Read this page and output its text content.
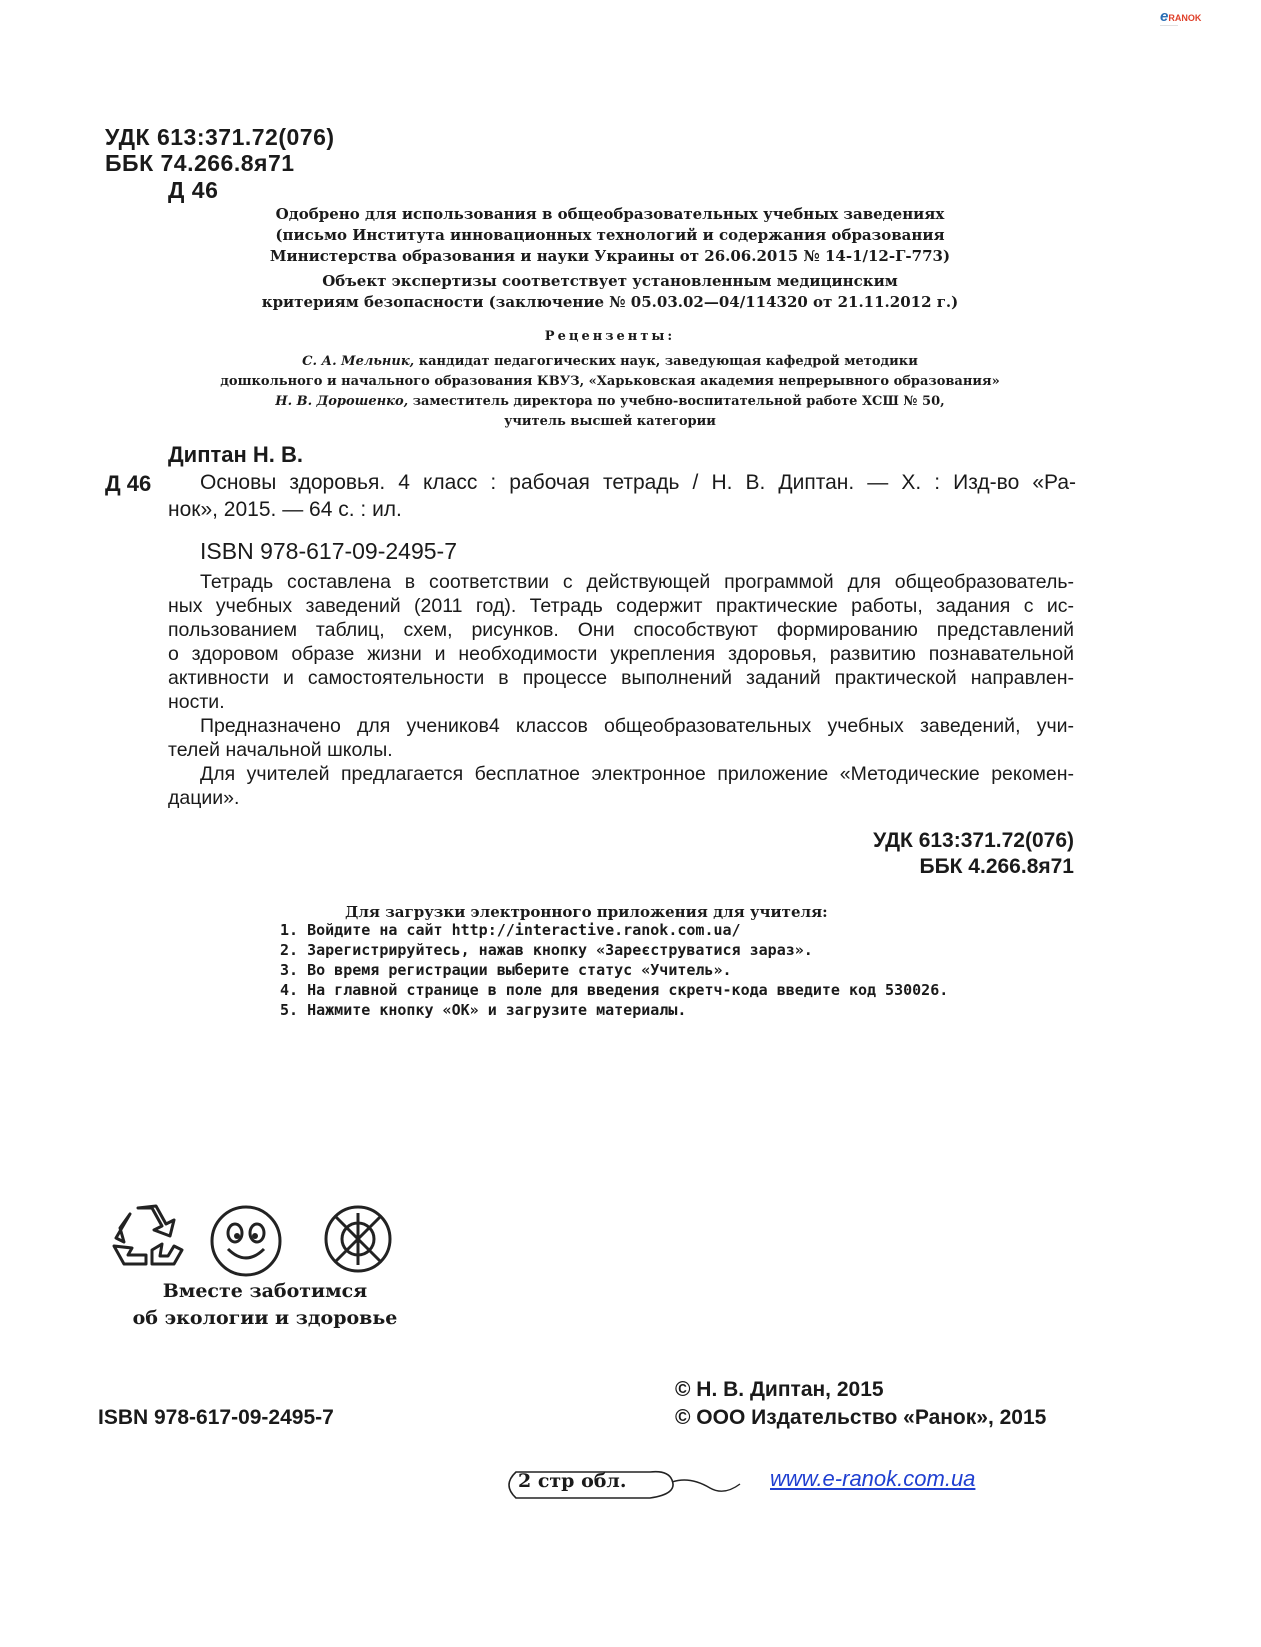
eRANOK
·········
УДК 613:371.72(076)
ББК 74.266.8я71
Д 46
Одобрено для использования в общеобразовательных учебных заведениях
(письмо Института инновационных технологий и содержания образования
Министерства образования и науки Украины от 26.06.2015 № 14-1/12-Г-773)
Объект экспертизы соответствует установленным медицинским
критериям безопасности (заключение № 05.03.02—04/114320 от 21.11.2012 г.)
Рецензенты:
С. А. Мельник, кандидат педагогических наук, заведующая кафедрой методики
дошкольного и начального образования КВУЗ, «Харьковская академия непрерывного образования»
Н. В. Дорошенко, заместитель директора по учебно-воспитательной работе ХСШ № 50,
учитель высшей категории
Диптан Н. В.
Д 46 Основы здоровья. 4 класс : рабочая тетрадь / Н. В. Диптан. — Х. : Изд-во «Ра-
нок», 2015. — 64 с. : ил.
ISBN 978-617-09-2495-7
Тетрадь составлена в соответствии с действующей программой для общеобразователь-
ных учебных заведений (2011 год). Тетрадь содержит практические работы, задания с ис-
пользованием таблиц, схем, рисунков. Они способствуют формированию представлений
о здоровом образе жизни и необходимости укрепления здоровья, развитию познавательной
активности и самостоятельности в процессе выполнений заданий практической направлен-
ности.
Предназначено для учеников4 классов общеобразовательных учебных заведений, учи-
телей начальной школы.
Для учителей предлагается бесплатное электронное приложение «Методические рекомен-
дации».
УДК 613:371.72(076)
ББК 4.266.8я71
Для загрузки электронного приложения для учителя:
1. Войдите на сайт http://interactive.ranok.com.ua/
2. Зарегистрируйтесь, нажав кнопку «Зареєструватися зараз».
3. Во время регистрации выберите статус «Учитель».
4. На главной странице в поле для введения скретч-кода введите код 530026.
5. Нажмите кнопку «ОК» и загрузите материалы.
Вместе заботимся
об экологии и здоровье
© Н. В. Диптан, 2015
ISBN 978-617-09-2495-7	© ООО Издательство «Ранок», 2015
2 стр обл.	www.e-ranok.com.ua
